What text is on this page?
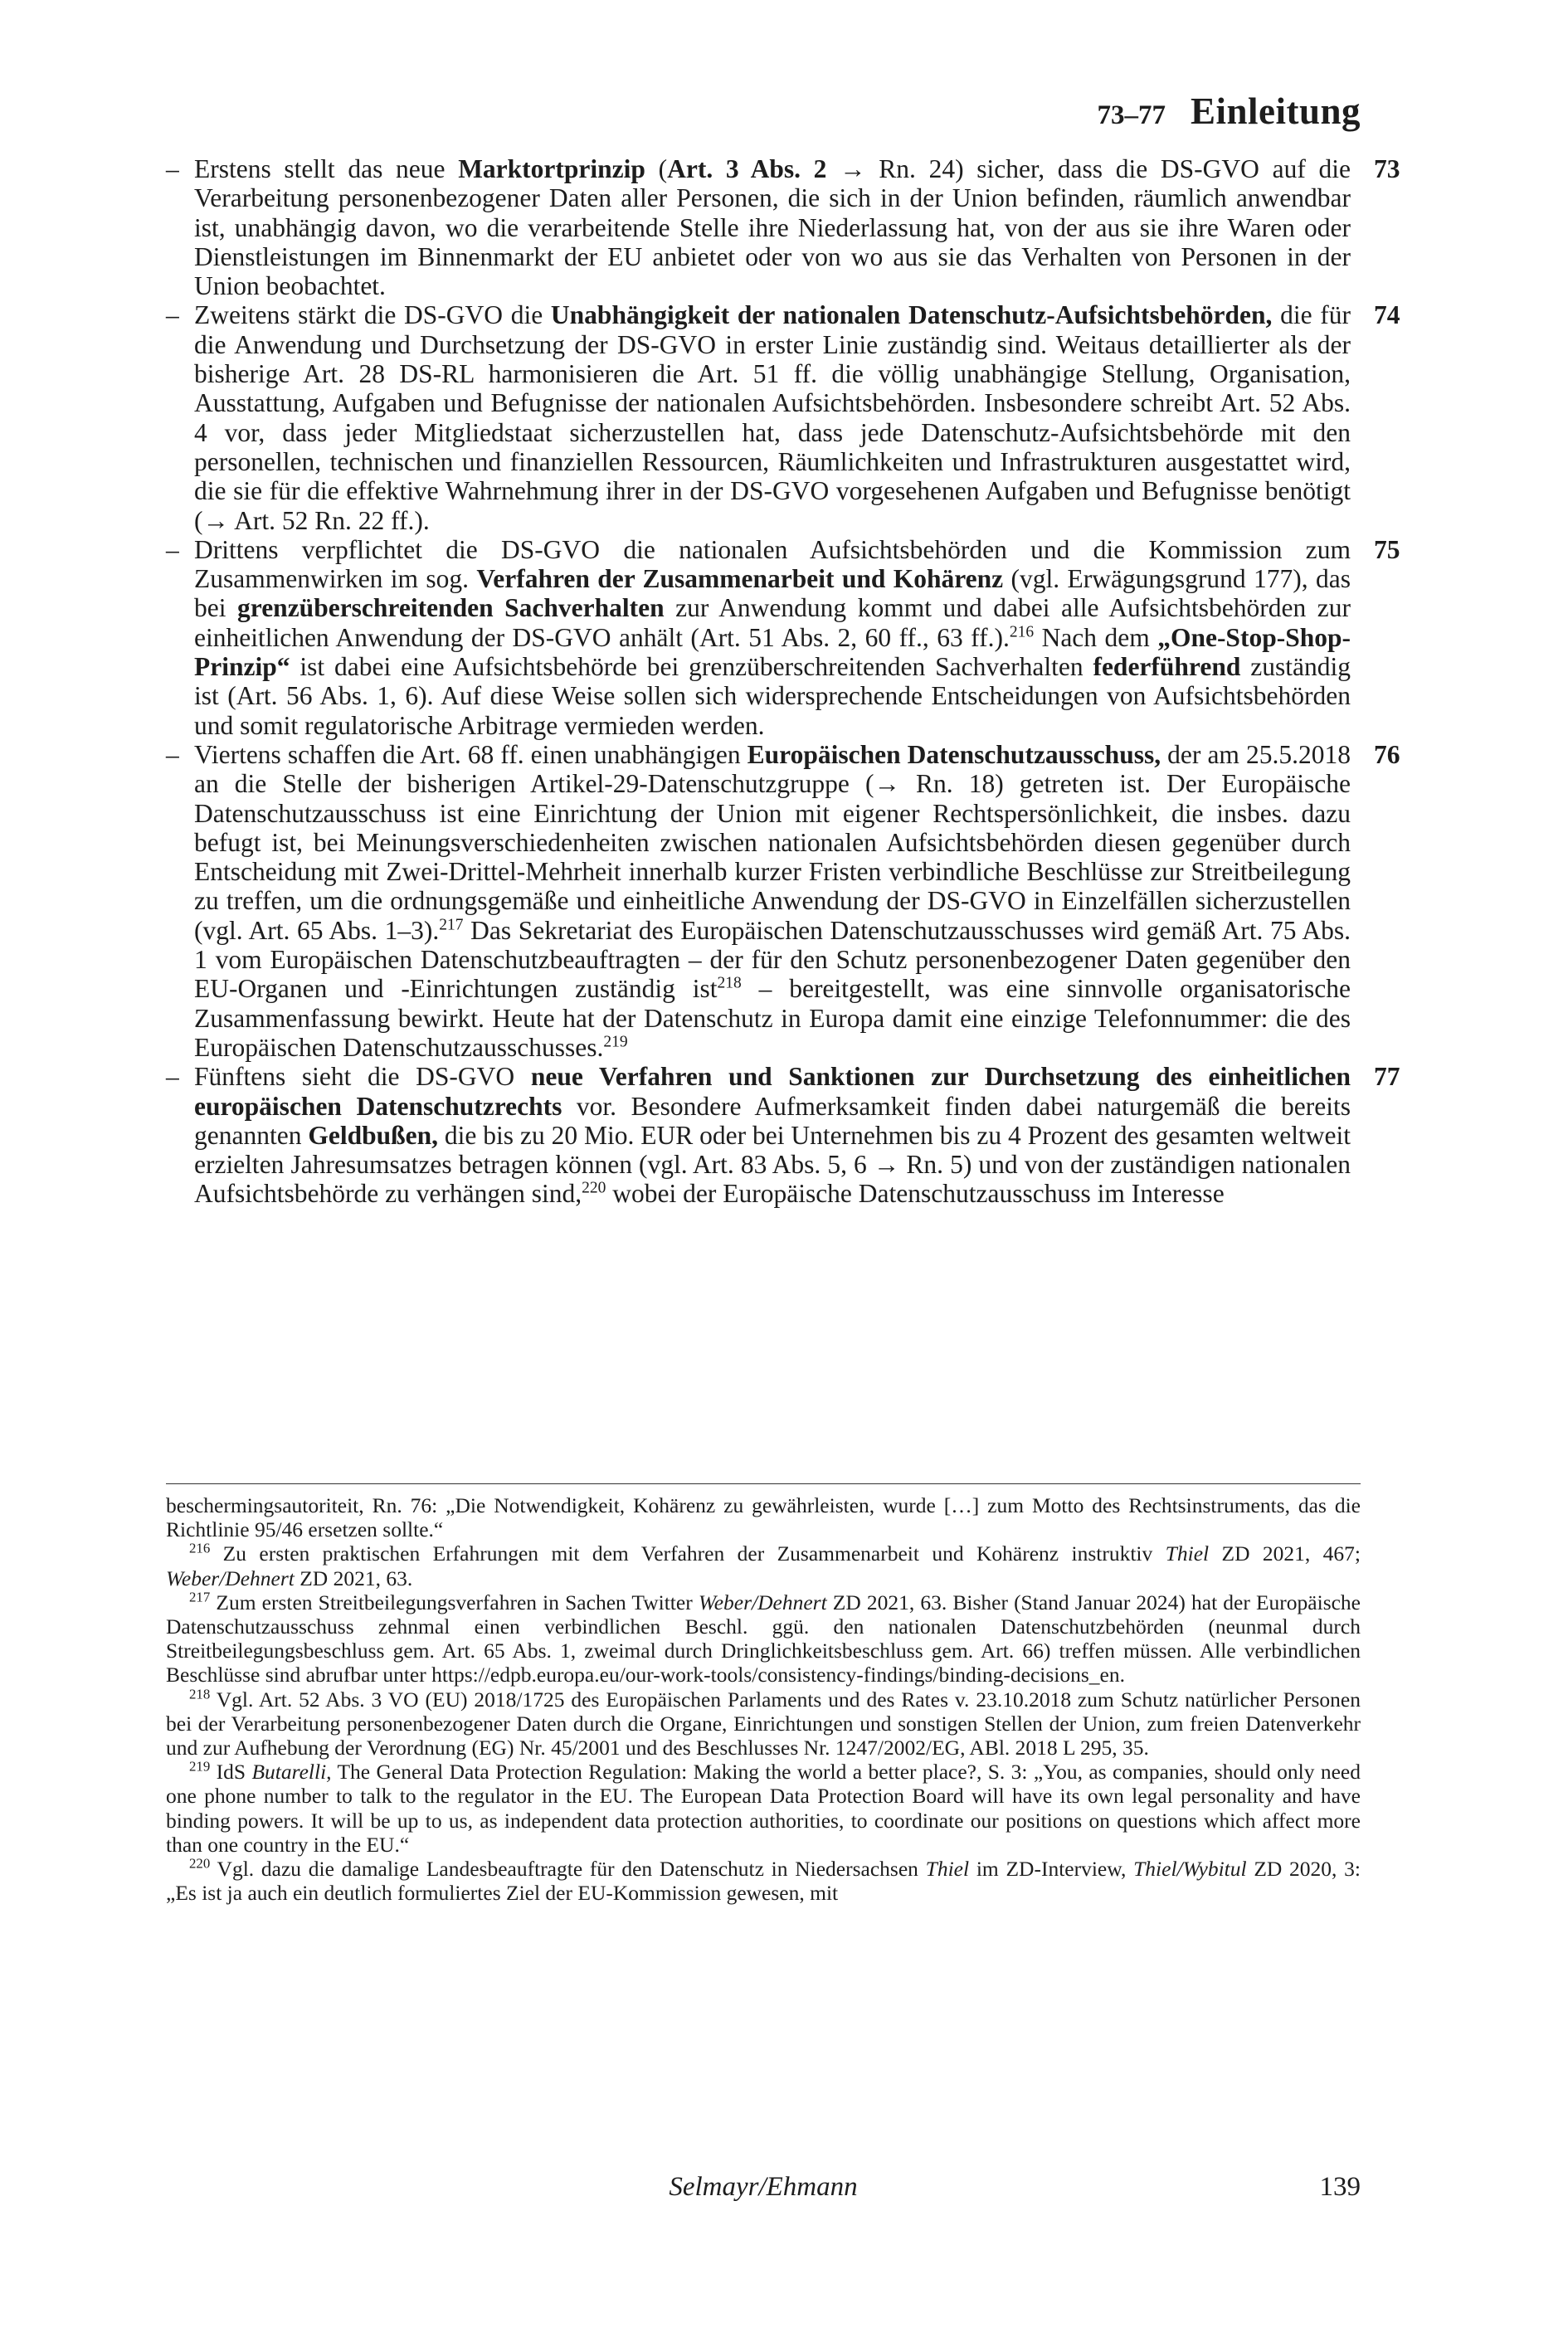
73–77 Einleitung
– Erstens stellt das neue Marktortprinzip (Art. 3 Abs. 2 → Rn. 24) sicher, dass die DS-GVO auf die Verarbeitung personenbezogener Daten aller Personen, die sich in der Union befinden, räumlich anwendbar ist, unabhängig davon, wo die verarbeitende Stelle ihre Niederlassung hat, von der aus sie ihre Waren oder Dienstleistungen im Binnenmarkt der EU anbietet oder von wo aus sie das Verhalten von Personen in der Union beobachtet.
73
– Zweitens stärkt die DS-GVO die Unabhängigkeit der nationalen Datenschutz-Aufsichtsbehörden, die für die Anwendung und Durchsetzung der DS-GVO in erster Linie zuständig sind. Weitaus detaillierter als der bisherige Art. 28 DS-RL harmonisieren die Art. 51 ff. die völlig unabhängige Stellung, Organisation, Ausstattung, Aufgaben und Befugnisse der nationalen Aufsichtsbehörden. Insbesondere schreibt Art. 52 Abs. 4 vor, dass jeder Mitgliedstaat sicherzustellen hat, dass jede Datenschutz-Aufsichtsbehörde mit den personellen, technischen und finanziellen Ressourcen, Räumlichkeiten und Infrastrukturen ausgestattet wird, die sie für die effektive Wahrnehmung ihrer in der DS-GVO vorgesehenen Aufgaben und Befugnisse benötigt (→ Art. 52 Rn. 22 ff.).
74
– Drittens verpflichtet die DS-GVO die nationalen Aufsichtsbehörden und die Kommission zum Zusammenwirken im sog. Verfahren der Zusammenarbeit und Kohärenz (vgl. Erwägungsgrund 177), das bei grenzüberschreitenden Sachverhalten zur Anwendung kommt und dabei alle Aufsichtsbehörden zur einheitlichen Anwendung der DS-GVO anhält (Art. 51 Abs. 2, 60 ff., 63 ff.).$^{216}$ Nach dem „One-Stop-Shop-Prinzip“ ist dabei eine Aufsichtsbehörde bei grenzüberschreitenden Sachverhalten federführend zuständig ist (Art. 56 Abs. 1, 6). Auf diese Weise sollen sich widersprechende Entscheidungen von Aufsichtsbehörden und somit regulatorische Arbitrage vermieden werden.
75
– Viertens schaffen die Art. 68 ff. einen unabhängigen Europäischen Datenschutzausschuss, der am 25.5.2018 an die Stelle der bisherigen Artikel-29-Datenschutzgruppe (→ Rn. 18) getreten ist. Der Europäische Datenschutzausschuss ist eine Einrichtung der Union mit eigener Rechtspersönlichkeit, die insbes. dazu befugt ist, bei Meinungsverschiedenheiten zwischen nationalen Aufsichtsbehörden diesen gegenüber durch Entscheidung mit Zwei-Drittel-Mehrheit innerhalb kurzer Fristen verbindliche Beschlüsse zur Streitbeilegung zu treffen, um die ordnungsgemäße und einheitliche Anwendung der DS-GVO in Einzelfällen sicherzustellen (vgl. Art. 65 Abs. 1–3).$^{217}$ Das Sekretariat des Europäischen Datenschutzausschusses wird gemäß Art. 75 Abs. 1 vom Europäischen Datenschutzbeauftragten – der für den Schutz personenbezogener Daten gegenüber den EU-Organen und -Einrichtungen zuständig ist$^{218}$ – bereitgestellt, was eine sinnvolle organisatorische Zusammenfassung bewirkt. Heute hat der Datenschutz in Europa damit eine einzige Telefonnummer: die des Europäischen Datenschutzausschusses.$^{219}$
76
– Fünftens sieht die DS-GVO neue Verfahren und Sanktionen zur Durchsetzung des einheitlichen europäischen Datenschutzrechts vor. Besondere Aufmerksamkeit finden dabei naturgemäß die bereits genannten Geldbußen, die bis zu 20 Mio. EUR oder bei Unternehmen bis zu 4 Prozent des gesamten weltweit erzielten Jahresumsatzes betragen können (vgl. Art. 83 Abs. 5, 6 → Rn. 5) und von der zuständigen nationalen Aufsichtsbehörde zu verhängen sind,$^{220}$ wobei der Europäische Datenschutzausschuss im Interesse
77

beschermingsautoriteit, Rn. 76: „Die Notwendigkeit, Kohärenz zu gewährleisten, wurde […] zum Motto des Rechtsinstruments, das die Richtlinie 95/46 ersetzen sollte.“

$^{216}$ Zu ersten praktischen Erfahrungen mit dem Verfahren der Zusammenarbeit und Kohärenz instruktiv Thiel ZD 2021, 467; Weber/Dehnert ZD 2021, 63.

$^{217}$ Zum ersten Streitbeilegungsverfahren in Sachen Twitter Weber/Dehnert ZD 2021, 63. Bisher (Stand Januar 2024) hat der Europäische Datenschutzausschuss zehnmal einen verbindlichen Beschl. ggü. den nationalen Datenschutzbehörden (neunmal durch Streitbeilegungsbeschluss gem. Art. 65 Abs. 1, zweimal durch Dringlichkeitsbeschluss gem. Art. 66) treffen müssen. Alle verbindlichen Beschlüsse sind abrufbar unter https://edpb.europa.eu/our-work-tools/consistency-findings/binding-decisions_en.

$^{218}$ Vgl. Art. 52 Abs. 3 VO (EU) 2018/1725 des Europäischen Parlaments und des Rates v. 23.10.2018 zum Schutz natürlicher Personen bei der Verarbeitung personenbezogener Daten durch die Organe, Einrichtungen und sonstigen Stellen der Union, zum freien Datenverkehr und zur Aufhebung der Verordnung (EG) Nr. 45/2001 und des Beschlusses Nr. 1247/2002/EG, ABl. 2018 L 295, 35.

$^{219}$ IdS Butarelli, The General Data Protection Regulation: Making the world a better place?, S. 3: „You, as companies, should only need one phone number to talk to the regulator in the EU. The European Data Protection Board will have its own legal personality and have binding powers. It will be up to us, as independent data protection authorities, to coordinate our positions on questions which affect more than one country in the EU.“

$^{220}$ Vgl. dazu die damalige Landesbeauftragte für den Datenschutz in Niedersachsen Thiel im ZD-Interview, Thiel/Wybitul ZD 2020, 3: „Es ist ja auch ein deutlich formuliertes Ziel der EU-Kommission gewesen, mit

Selmayr/Ehmann	139
